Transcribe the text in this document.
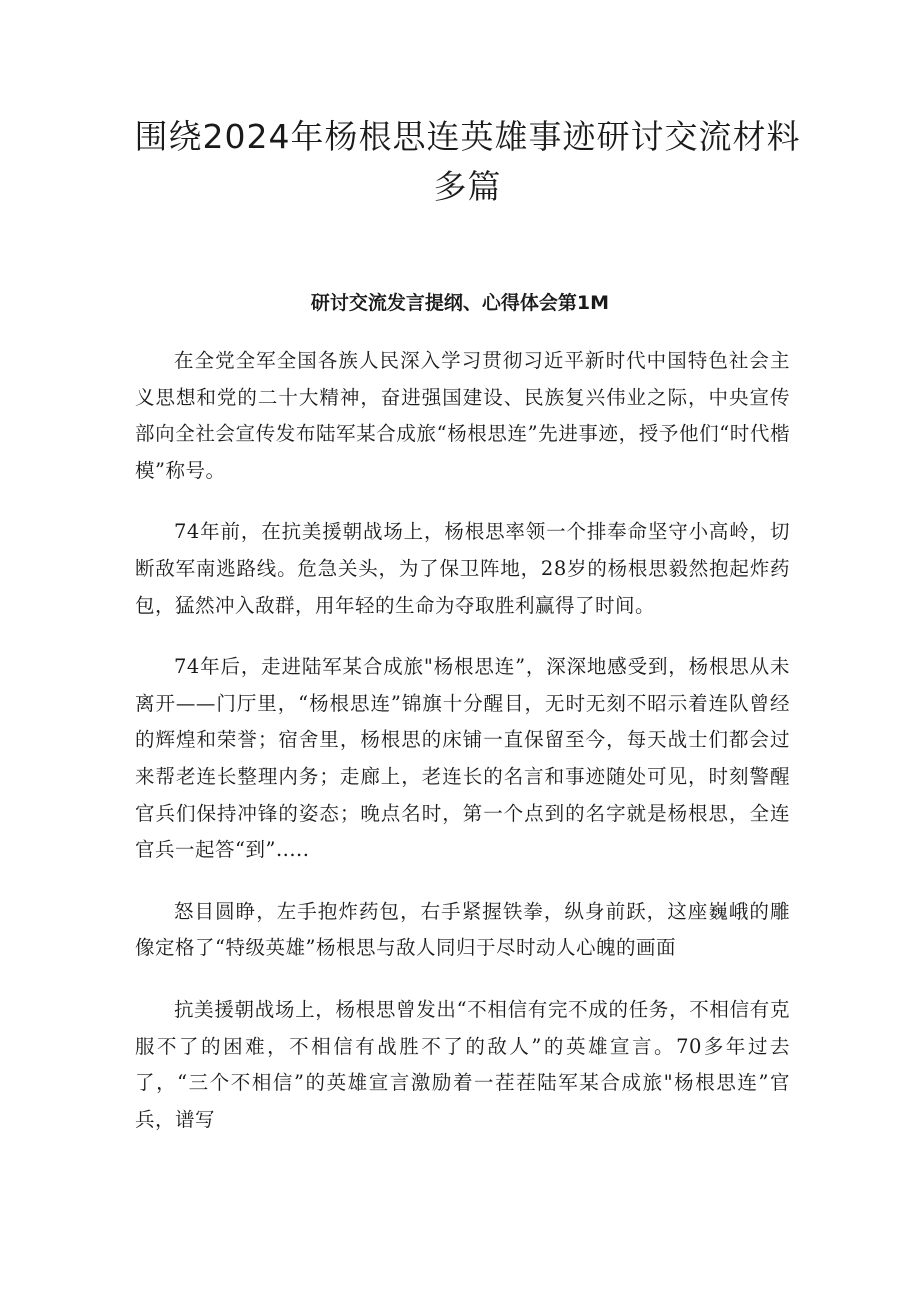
围绕2024年杨根思连英雄事迹研讨交流材料多篇
研讨交流发言提纲、心得体会第1M

在全党全军全国各族人民深入学习贯彻习近平新时代中国特色社会主义思想和党的二十大精神，奋进强国建设、民族复兴伟业之际，中央宣传部向全社会宣传发布陆军某合成旅“杨根思连”先进事迹，授予他们“时代楷模”称号。

74年前，在抗美援朝战场上，杨根思率领一个排奉命坚守小高岭，切断敌军南逃路线。危急关头，为了保卫阵地，28岁的杨根思毅然抱起炸药包，猛然冲入敌群，用年轻的生命为夺取胜利赢得了时间。

74年后，走进陆军某合成旅"杨根思连”，深深地感受到，杨根思从未离开——门厅里，“杨根思连”锦旗十分醒目，无时无刻不昭示着连队曾经的辉煌和荣誉；宿舍里，杨根思的床铺一直保留至今，每天战士们都会过来帮老连长整理内务；走廊上，老连长的名言和事迹随处可见，时刻警醒官兵们保持冲锋的姿态；晚点名时，第一个点到的名字就是杨根思，全连官兵一起答“到”.....

怒目圆睁，左手抱炸药包，右手紧握铁拳，纵身前跃，这座巍峨的雕像定格了“特级英雄”杨根思与敌人同归于尽时动人心魄的画面

抗美援朝战场上，杨根思曾发出“不相信有完不成的任务，不相信有克服不了的困难，不相信有战胜不了的敌人”的英雄宣言。70多年过去了，“三个不相信”的英雄宣言激励着一茬茬陆军某合成旅"杨根思连”官兵，谱写
